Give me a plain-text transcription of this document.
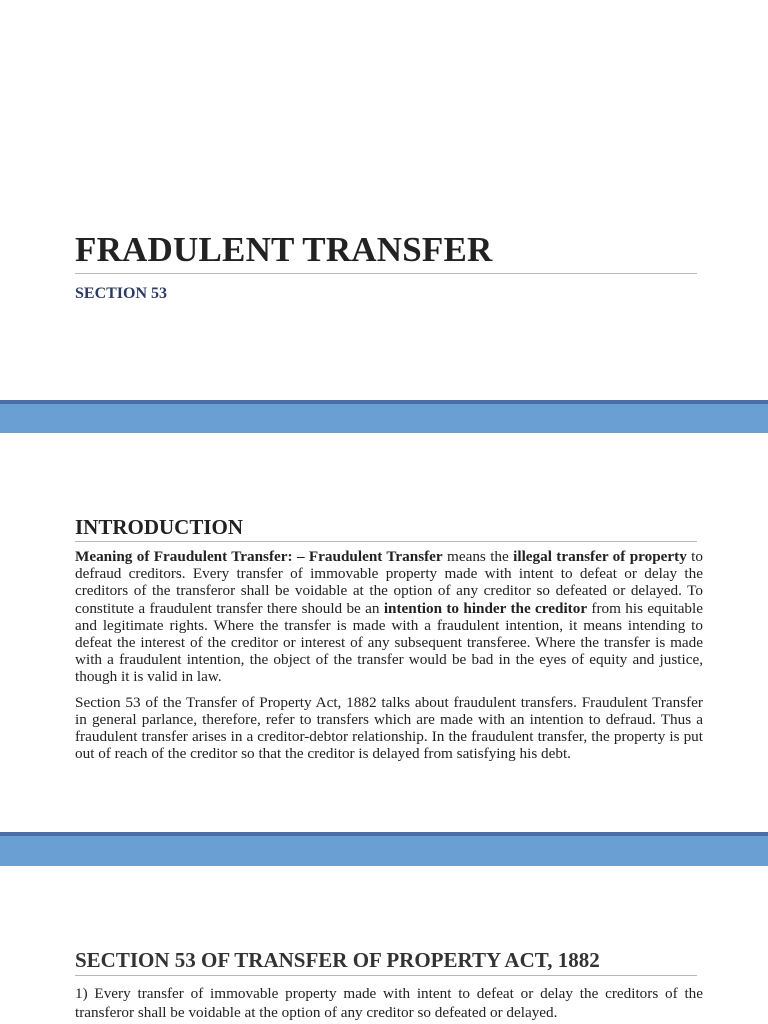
FRADULENT TRANSFER
SECTION 53
INTRODUCTION

Meaning of Fraudulent Transfer: – Fraudulent Transfer means the illegal transfer of property to defraud creditors. Every transfer of immovable property made with intent to defeat or delay the creditors of the transferor shall be voidable at the option of any creditor so defeated or delayed. To constitute a fraudulent transfer there should be an intention to hinder the creditor from his equitable and legitimate rights. Where the transfer is made with a fraudulent intention, it means intending to defeat the interest of the creditor or interest of any subsequent transferee. Where the transfer is made with a fraudulent intention, the object of the transfer would be bad in the eyes of equity and justice, though it is valid in law.

Section 53 of the Transfer of Property Act, 1882 talks about fraudulent transfers. Fraudulent Transfer in general parlance, therefore, refer to transfers which are made with an intention to defraud. Thus a fraudulent transfer arises in a creditor-debtor relationship. In the fraudulent transfer, the property is put out of reach of the creditor so that the creditor is delayed from satisfying his debt.

SECTION 53 OF TRANSFER OF PROPERTY ACT, 1882

1) Every transfer of immovable property made with intent to defeat or delay the creditors of the transferor shall be voidable at the option of any creditor so defeated or delayed.
